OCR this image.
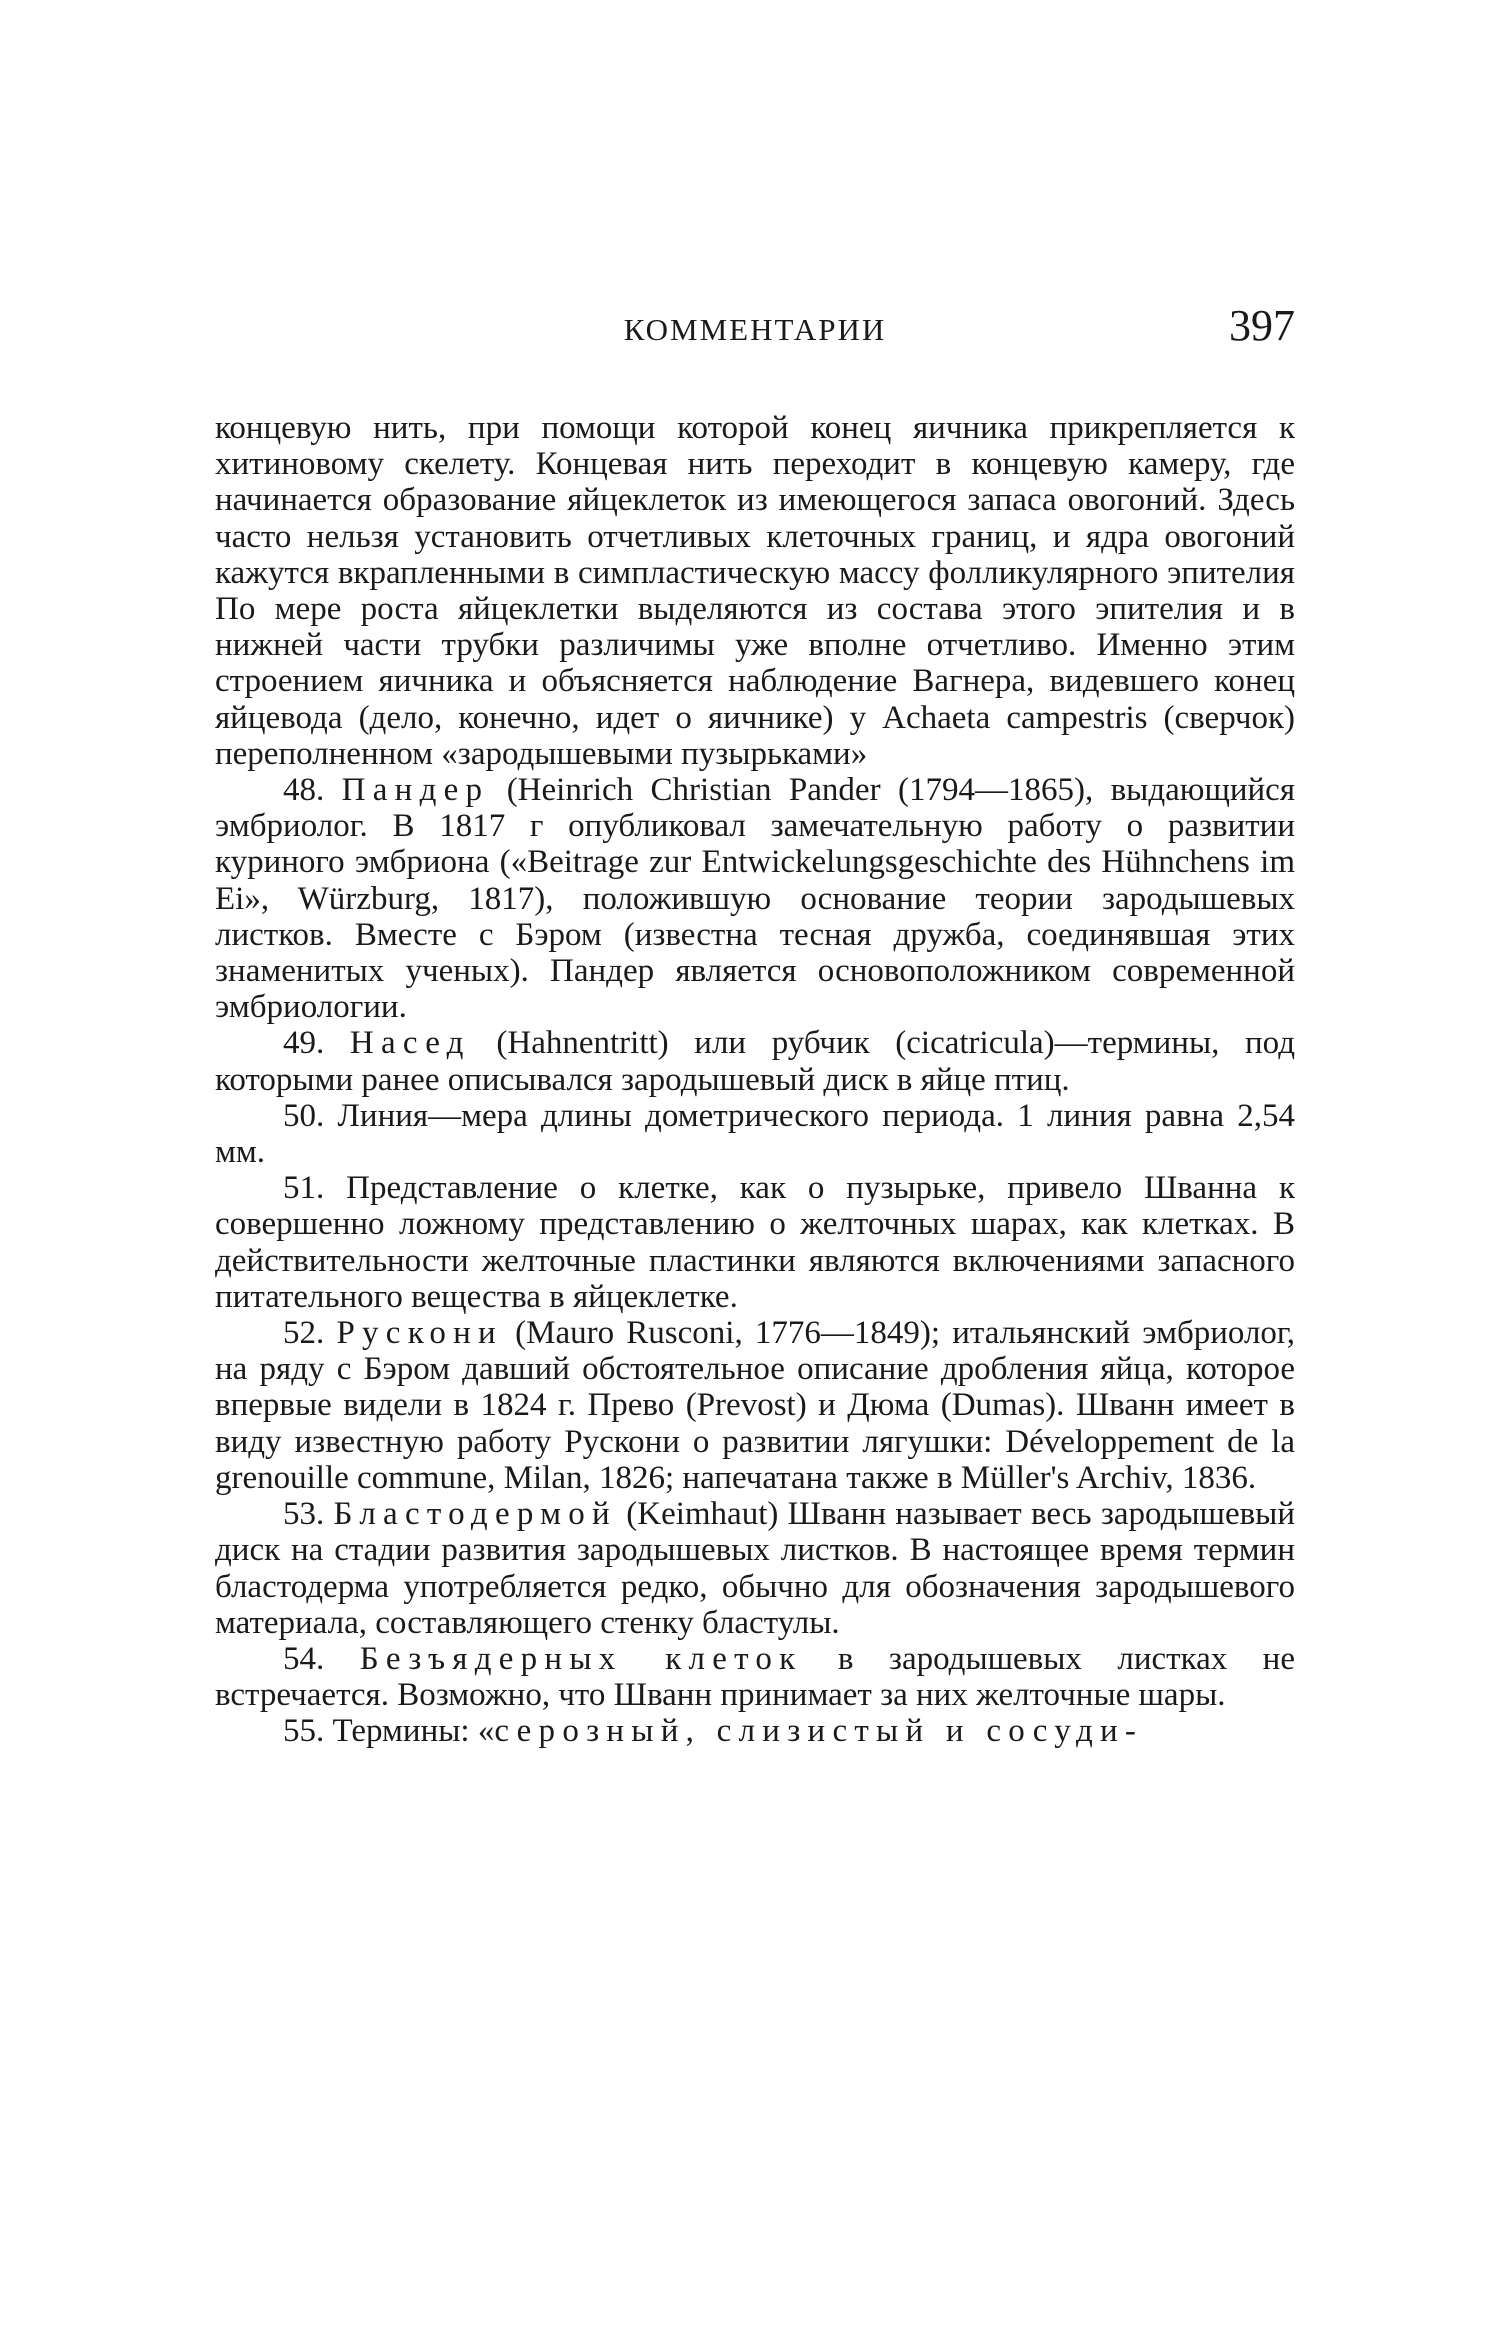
КОММЕНТАРИИ	397

концевую нить, при помощи которой конец яичника прикрепляется к хитиновому скелету. Концевая нить переходит в концевую камеру, где начинается образование яйцеклеток из имеющегося запаса овогоний. Здесь часто нельзя установить отчетливых клеточных границ, и ядра овогоний кажутся вкрапленными в симпластическую массу фолликулярного эпителия По мере роста яйцеклетки выделяются из состава этого эпителия и в нижней части трубки различимы уже вполне отчетливо. Именно этим строением яичника и объясняется наблюдение Вагнера, видевшего конец яйцевода (дело, конечно, идет о яичнике) у Achaeta campestris (сверчок) переполненном «зародышевыми пузырьками»

48. Пандер (Heinrich Christian Pander (1794—1865), выдающийся эмбриолог. В 1817 г опубликовал замечательную работу о развитии куриного эмбриона («Beitrage zur Entwickelungsgeschichte des Hühnchens im Ei», Würzburg, 1817), положившую основание теории зародышевых листков. Вместе с Бэром (известна тесная дружба, соединявшая этих знаменитых ученых). Пандер является основоположником современной эмбриологии.

49. Насед (Hahnentritt) или рубчик (cicatricula)—термины, под которыми ранее описывался зародышевый диск в яйце птиц.

50. Линия—мера длины дометрического периода. 1 линия равна 2,54 мм.

51. Представление о клетке, как о пузырьке, привело Шванна к совершенно ложному представлению о желточных шарах, как клетках. В действительности желточные пластинки являются включениями запасного питательного вещества в яйцеклетке.

52. Рускони (Mauro Rusconi, 1776—1849); итальянский эмбриолог, на ряду с Бэром давший обстоятельное описание дробления яйца, которое впервые видели в 1824 г. Прево (Prevost) и Дюма (Dumas). Шванн имеет в виду известную работу Рускони о развитии лягушки: Développement de la grenouille commune, Milan, 1826; напечатана также в Müller's Archiv, 1836.

53. Бластодермой (Keimhaut) Шванн называет весь зародышевый диск на стадии развития зародышевых листков. В настоящее время термин бластодерма употребляется редко, обычно для обозначения зародышевого материала, составляющего стенку бластулы.

54. Безъядерных клеток в зародышевых листках не встречается. Возможно, что Шванн принимает за них желточные шары.

55. Термины: «серозный, слизистый и сосуди-
